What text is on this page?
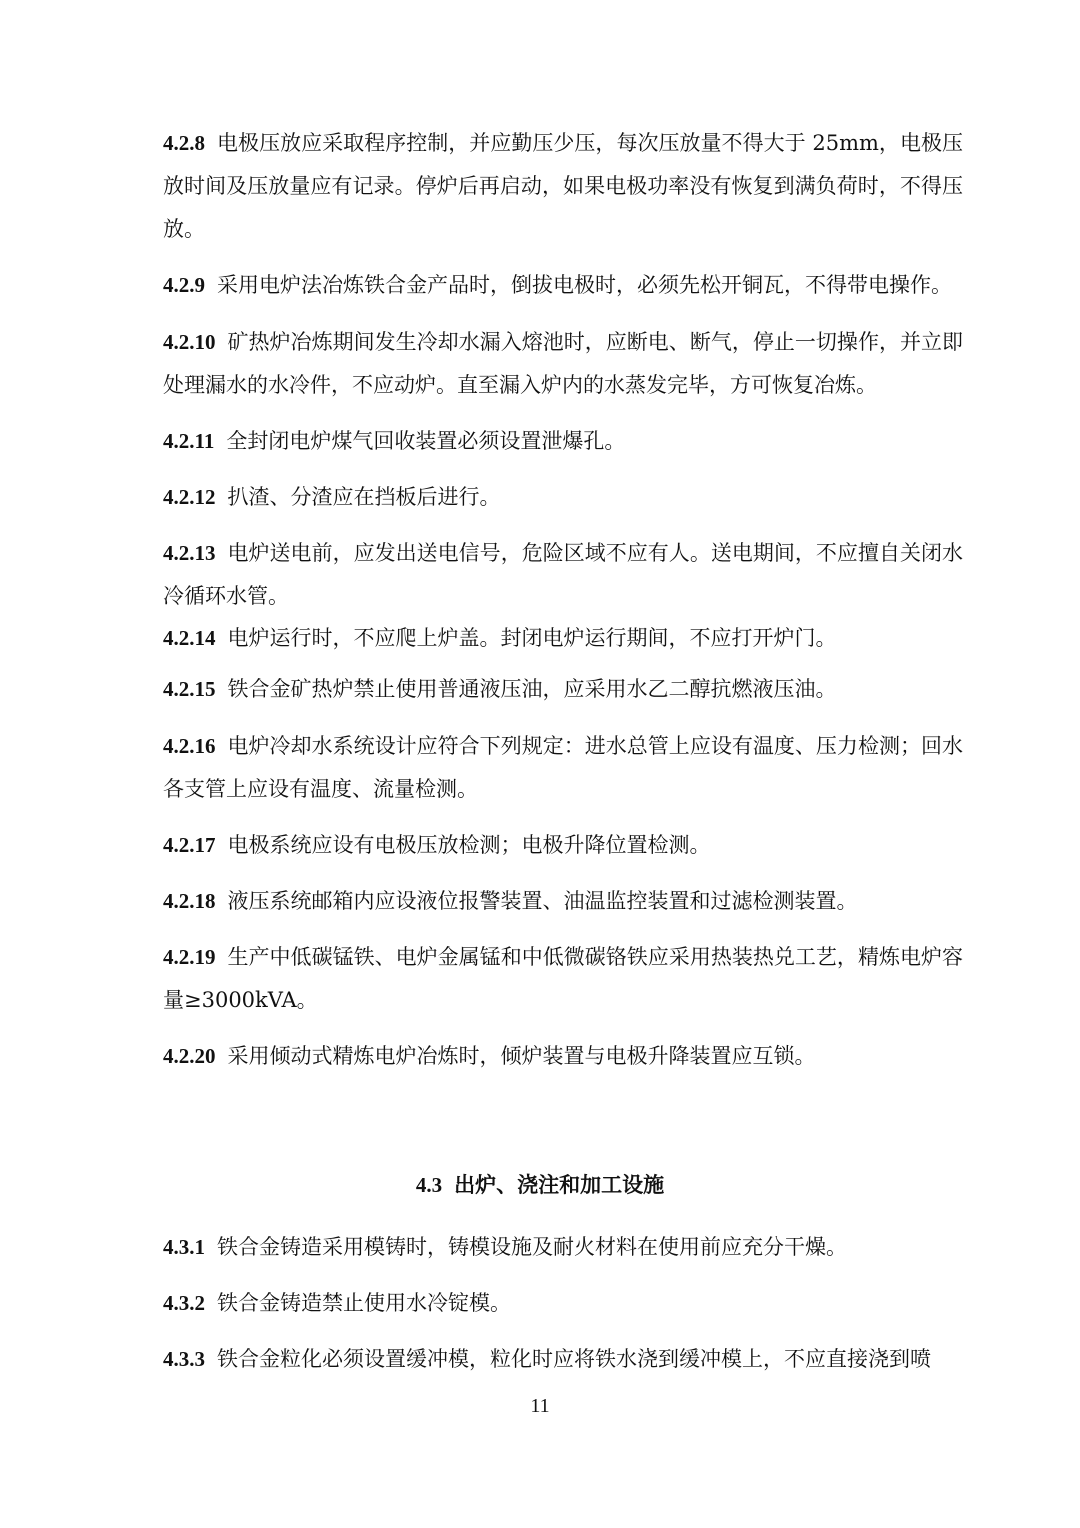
4.2.8 电极压放应采取程序控制，并应勤压少压，每次压放量不得大于 25mm，电极压放时间及压放量应有记录。停炉后再启动，如果电极功率没有恢复到满负荷时，不得压放。

4.2.9 采用电炉法冶炼铁合金产品时，倒拔电极时，必须先松开铜瓦，不得带电操作。

4.2.10 矿热炉冶炼期间发生冷却水漏入熔池时，应断电、断气，停止一切操作，并立即处理漏水的水冷件，不应动炉。直至漏入炉内的水蒸发完毕，方可恢复冶炼。

4.2.11 全封闭电炉煤气回收装置必须设置泄爆孔。

4.2.12 扒渣、分渣应在挡板后进行。

4.2.13 电炉送电前，应发出送电信号，危险区域不应有人。送电期间，不应擅自关闭水冷循环水管。

4.2.14 电炉运行时，不应爬上炉盖。封闭电炉运行期间，不应打开炉门。

4.2.15 铁合金矿热炉禁止使用普通液压油，应采用水乙二醇抗燃液压油。

4.2.16 电炉冷却水系统设计应符合下列规定：进水总管上应设有温度、压力检测；回水各支管上应设有温度、流量检测。

4.2.17 电极系统应设有电极压放检测；电极升降位置检测。

4.2.18 液压系统邮箱内应设液位报警装置、油温监控装置和过滤检测装置。

4.2.19 生产中低碳锰铁、电炉金属锰和中低微碳铬铁应采用热装热兑工艺，精炼电炉容量≥3000kVA。

4.2.20 采用倾动式精炼电炉冶炼时，倾炉装置与电极升降装置应互锁。

4.3 出炉、浇注和加工设施

4.3.1 铁合金铸造采用模铸时，铸模设施及耐火材料在使用前应充分干燥。

4.3.2 铁合金铸造禁止使用水冷锭模。

4.3.3 铁合金粒化必须设置缓冲模，粒化时应将铁水浇到缓冲模上，不应直接浇到喷

11
